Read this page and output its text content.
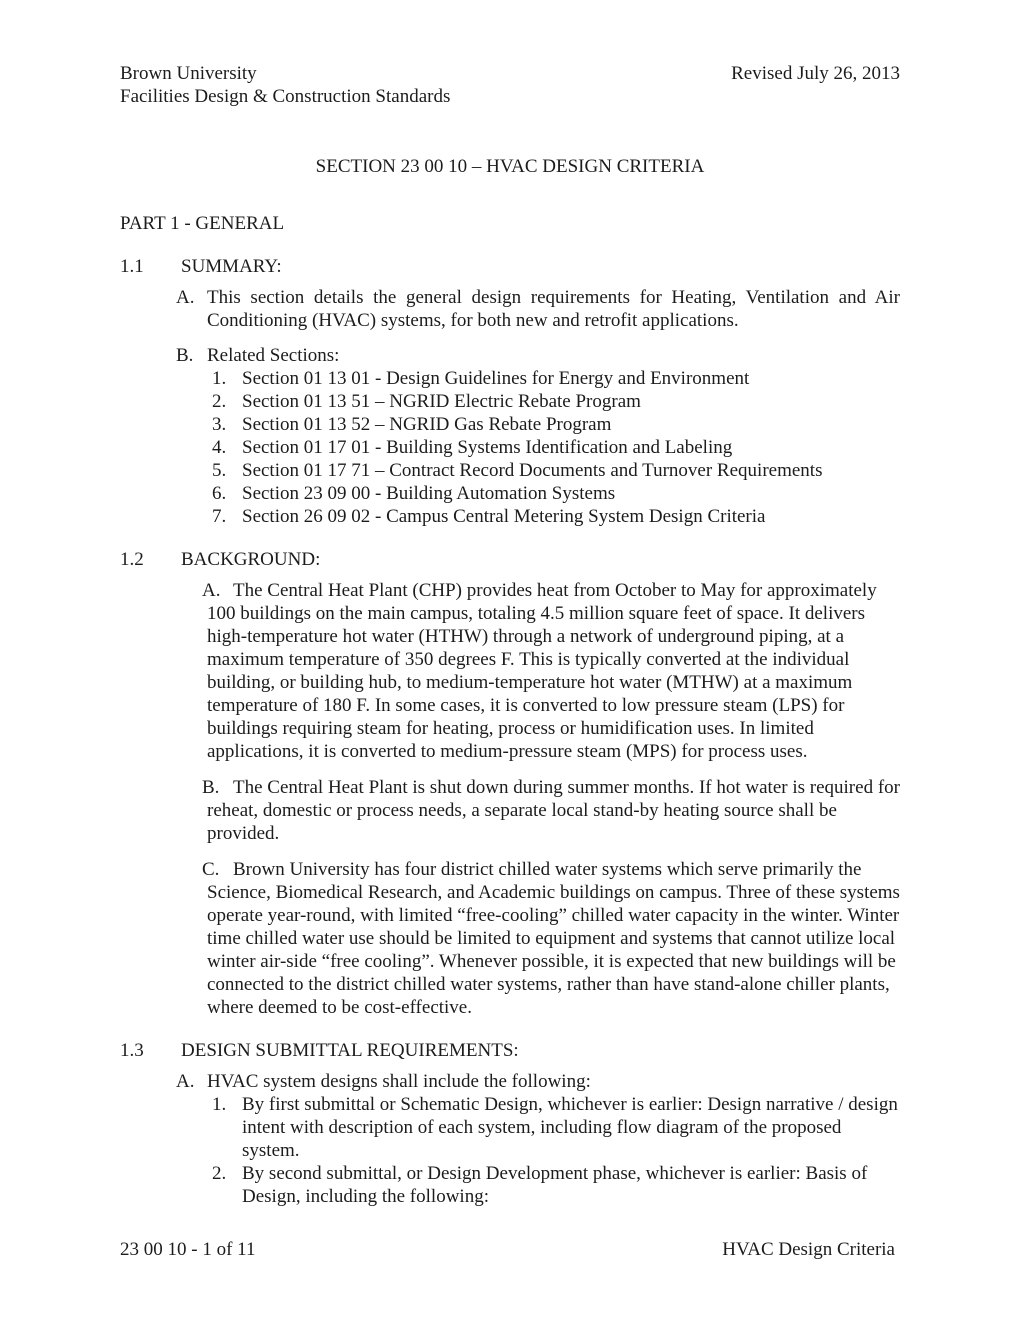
Brown University
Facilities Design & Construction Standards
Revised July 26, 2013
SECTION 23 00 10 – HVAC DESIGN CRITERIA
PART 1 - GENERAL
1.1 SUMMARY:
A. This section details the general design requirements for Heating, Ventilation and Air Conditioning (HVAC) systems, for both new and retrofit applications.
B. Related Sections:
1. Section 01 13 01 - Design Guidelines for Energy and Environment
2. Section 01 13 51 – NGRID Electric Rebate Program
3. Section 01 13 52 – NGRID Gas Rebate Program
4. Section 01 17 01 - Building Systems Identification and Labeling
5. Section 01 17 71 – Contract Record Documents and Turnover Requirements
6. Section 23 09 00 - Building Automation Systems
7. Section 26 09 02 - Campus Central Metering System Design Criteria
1.2 BACKGROUND:
A. The Central Heat Plant (CHP) provides heat from October to May for approximately 100 buildings on the main campus, totaling 4.5 million square feet of space. It delivers high-temperature hot water (HTHW) through a network of underground piping, at a maximum temperature of 350 degrees F. This is typically converted at the individual building, or building hub, to medium-temperature hot water (MTHW) at a maximum temperature of 180 F. In some cases, it is converted to low pressure steam (LPS) for buildings requiring steam for heating, process or humidification uses. In limited applications, it is converted to medium-pressure steam (MPS) for process uses.
B. The Central Heat Plant is shut down during summer months. If hot water is required for reheat, domestic or process needs, a separate local stand-by heating source shall be provided.
C. Brown University has four district chilled water systems which serve primarily the Science, Biomedical Research, and Academic buildings on campus. Three of these systems operate year-round, with limited “free-cooling” chilled water capacity in the winter. Winter time chilled water use should be limited to equipment and systems that cannot utilize local winter air-side “free cooling”. Whenever possible, it is expected that new buildings will be connected to the district chilled water systems, rather than have stand-alone chiller plants, where deemed to be cost-effective.
1.3 DESIGN SUBMITTAL REQUIREMENTS:
A. HVAC system designs shall include the following:
1. By first submittal or Schematic Design, whichever is earlier: Design narrative / design intent with description of each system, including flow diagram of the proposed system.
2. By second submittal, or Design Development phase, whichever is earlier: Basis of Design, including the following:
23 00 10 - 1 of 11	HVAC Design Criteria
